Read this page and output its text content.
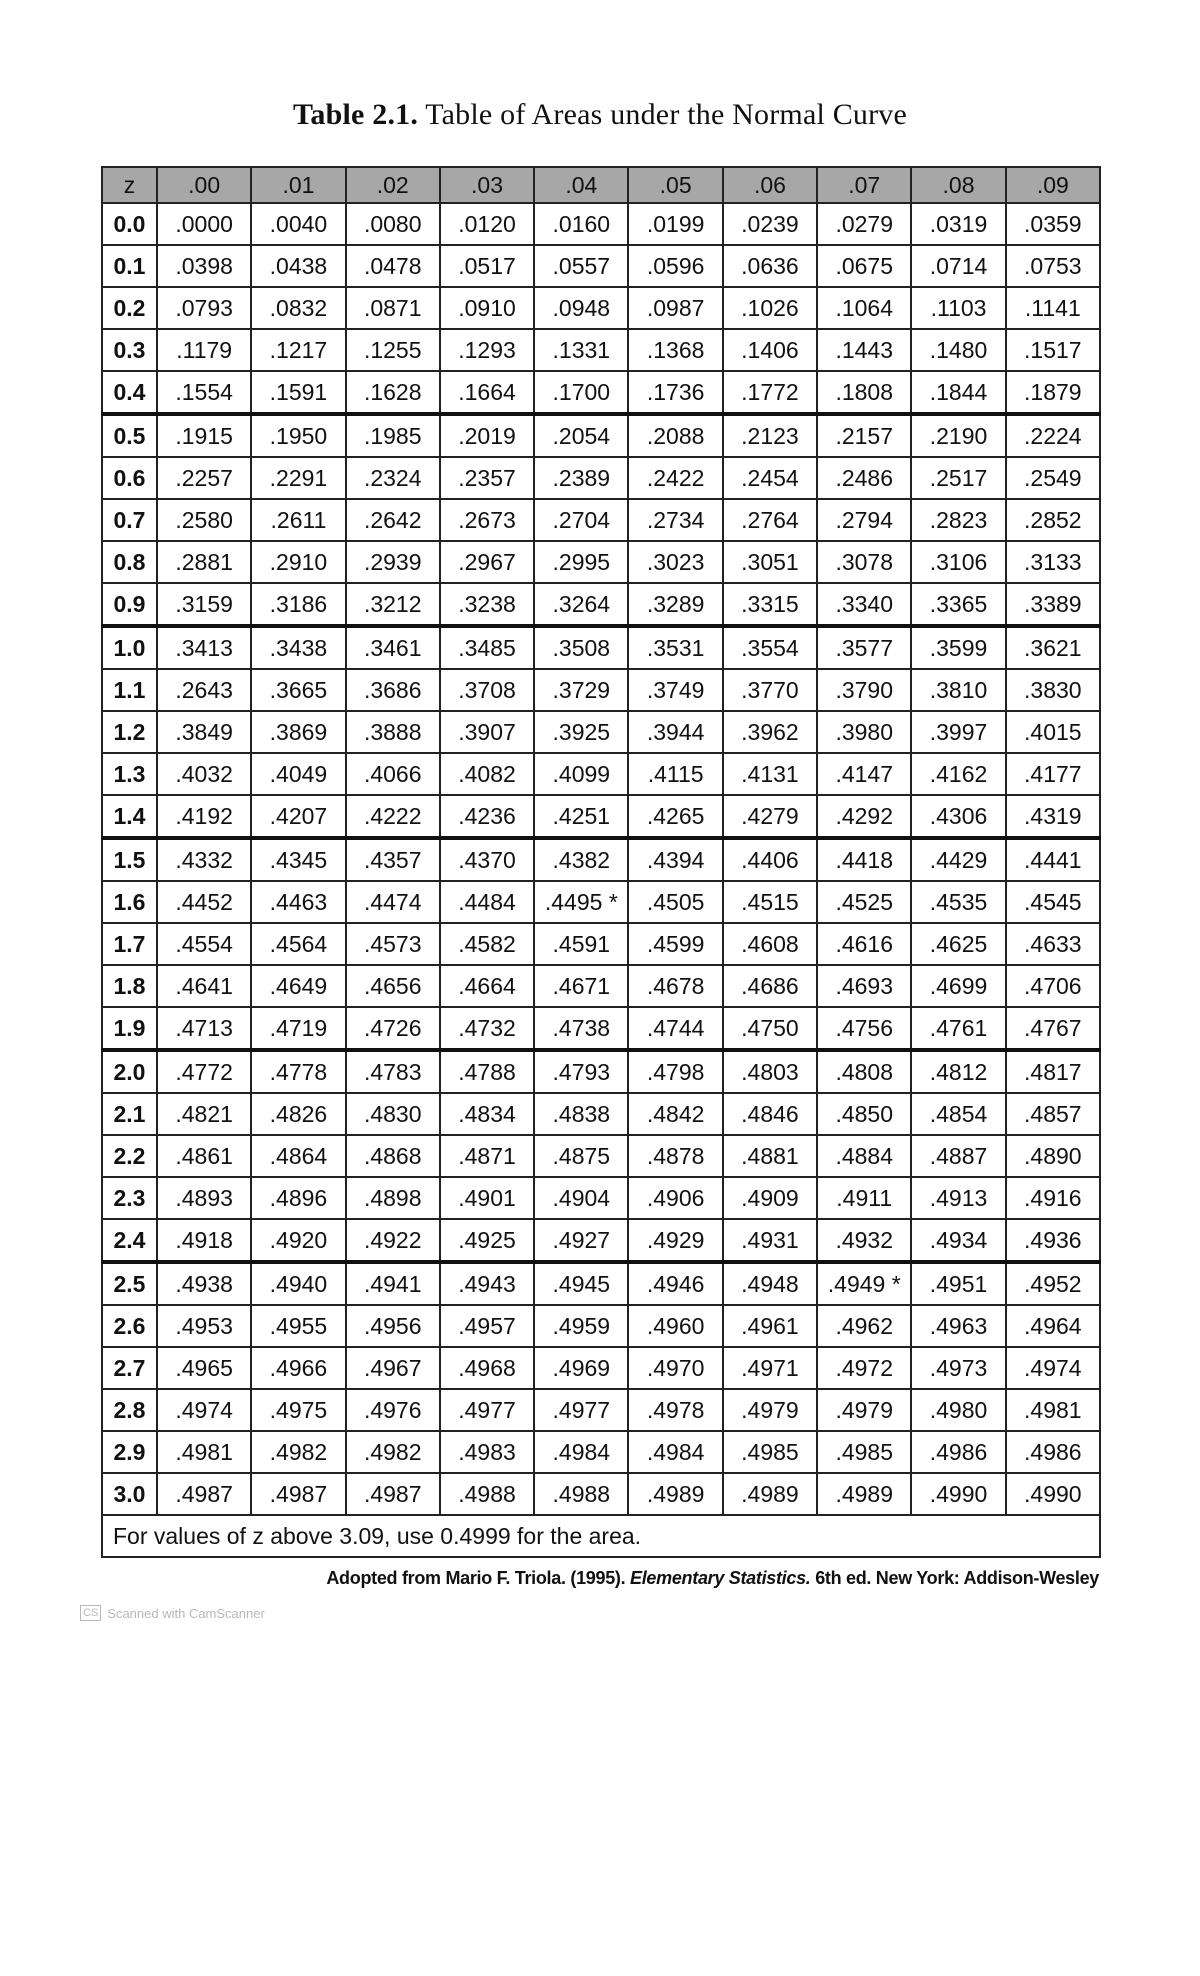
Table 2.1. Table of Areas under the Normal Curve
z	.00	.01	.02	.03	.04	.05	.06	.07	.08	.09
0.0	.0000	.0040	.0080	.0120	.0160	.0199	.0239	.0279	.0319	.0359
0.1	.0398	.0438	.0478	.0517	.0557	.0596	.0636	.0675	.0714	.0753
0.2	.0793	.0832	.0871	.0910	.0948	.0987	.1026	.1064	.1103	.1141
0.3	.1179	.1217	.1255	.1293	.1331	.1368	.1406	.1443	.1480	.1517
0.4	.1554	.1591	.1628	.1664	.1700	.1736	.1772	.1808	.1844	.1879
0.5	.1915	.1950	.1985	.2019	.2054	.2088	.2123	.2157	.2190	.2224
0.6	.2257	.2291	.2324	.2357	.2389	.2422	.2454	.2486	.2517	.2549
0.7	.2580	.2611	.2642	.2673	.2704	.2734	.2764	.2794	.2823	.2852
0.8	.2881	.2910	.2939	.2967	.2995	.3023	.3051	.3078	.3106	.3133
0.9	.3159	.3186	.3212	.3238	.3264	.3289	.3315	.3340	.3365	.3389
1.0	.3413	.3438	.3461	.3485	.3508	.3531	.3554	.3577	.3599	.3621
1.1	.2643	.3665	.3686	.3708	.3729	.3749	.3770	.3790	.3810	.3830
1.2	.3849	.3869	.3888	.3907	.3925	.3944	.3962	.3980	.3997	.4015
1.3	.4032	.4049	.4066	.4082	.4099	.4115	.4131	.4147	.4162	.4177
1.4	.4192	.4207	.4222	.4236	.4251	.4265	.4279	.4292	.4306	.4319
1.5	.4332	.4345	.4357	.4370	.4382	.4394	.4406	.4418	.4429	.4441
1.6	.4452	.4463	.4474	.4484	.4495 *	.4505	.4515	.4525	.4535	.4545
1.7	.4554	.4564	.4573	.4582	.4591	.4599	.4608	.4616	.4625	.4633
1.8	.4641	.4649	.4656	.4664	.4671	.4678	.4686	.4693	.4699	.4706
1.9	.4713	.4719	.4726	.4732	.4738	.4744	.4750	.4756	.4761	.4767
2.0	.4772	.4778	.4783	.4788	.4793	.4798	.4803	.4808	.4812	.4817
2.1	.4821	.4826	.4830	.4834	.4838	.4842	.4846	.4850	.4854	.4857
2.2	.4861	.4864	.4868	.4871	.4875	.4878	.4881	.4884	.4887	.4890
2.3	.4893	.4896	.4898	.4901	.4904	.4906	.4909	.4911	.4913	.4916
2.4	.4918	.4920	.4922	.4925	.4927	.4929	.4931	.4932	.4934	.4936
2.5	.4938	.4940	.4941	.4943	.4945	.4946	.4948	.4949 *	.4951	.4952
2.6	.4953	.4955	.4956	.4957	.4959	.4960	.4961	.4962	.4963	.4964
2.7	.4965	.4966	.4967	.4968	.4969	.4970	.4971	.4972	.4973	.4974
2.8	.4974	.4975	.4976	.4977	.4977	.4978	.4979	.4979	.4980	.4981
2.9	.4981	.4982	.4982	.4983	.4984	.4984	.4985	.4985	.4986	.4986
3.0	.4987	.4987	.4987	.4988	.4988	.4989	.4989	.4989	.4990	.4990
For values of z above 3.09, use 0.4999 for the area.
Adopted from Mario F. Triola. (1995). Elementary Statistics. 6th ed. New York: Addison-Wesley
CS Scanned with CamScanner
